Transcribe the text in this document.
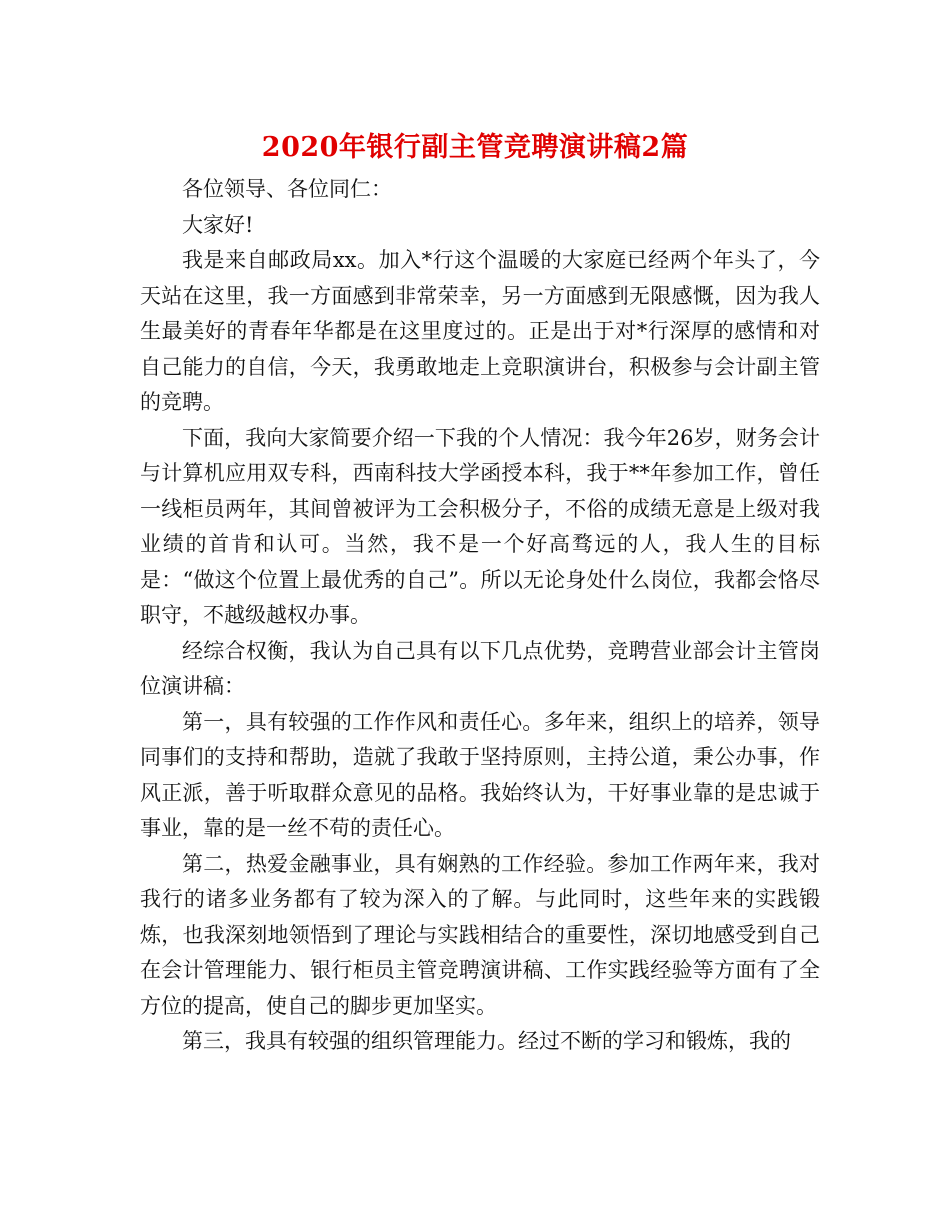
2020年银行副主管竞聘演讲稿2篇

各位领导、各位同仁：

大家好!

我是来自邮政局xx。加入*行这个温暖的大家庭已经两个年头了，今天站在这里，我一方面感到非常荣幸，另一方面感到无限感慨，因为我人生最美好的青春年华都是在这里度过的。正是出于对*行深厚的感情和对自己能力的自信，今天，我勇敢地走上竞职演讲台，积极参与会计副主管的竞聘。

下面，我向大家简要介绍一下我的个人情况：我今年26岁，财务会计与计算机应用双专科，西南科技大学函授本科，我于**年参加工作，曾任一线柜员两年，其间曾被评为工会积极分子，不俗的成绩无意是上级对我业绩的首肯和认可。当然，我不是一个好高骛远的人，我人生的目标是：“做这个位置上最优秀的自己”。所以无论身处什么岗位，我都会恪尽职守，不越级越权办事。

经综合权衡，我认为自己具有以下几点优势，竞聘营业部会计主管岗位演讲稿：

第一，具有较强的工作作风和责任心。多年来，组织上的培养，领导同事们的支持和帮助，造就了我敢于坚持原则，主持公道，秉公办事，作风正派，善于听取群众意见的品格。我始终认为，干好事业靠的是忠诚于事业，靠的是一丝不苟的责任心。

第二，热爱金融事业，具有娴熟的工作经验。参加工作两年来，我对我行的诸多业务都有了较为深入的了解。与此同时，这些年来的实践锻炼，也我深刻地领悟到了理论与实践相结合的重要性，深切地感受到自己在会计管理能力、银行柜员主管竞聘演讲稿、工作实践经验等方面有了全方位的提高，使自己的脚步更加坚实。

第三，我具有较强的组织管理能力。经过不断的学习和锻炼，我的
